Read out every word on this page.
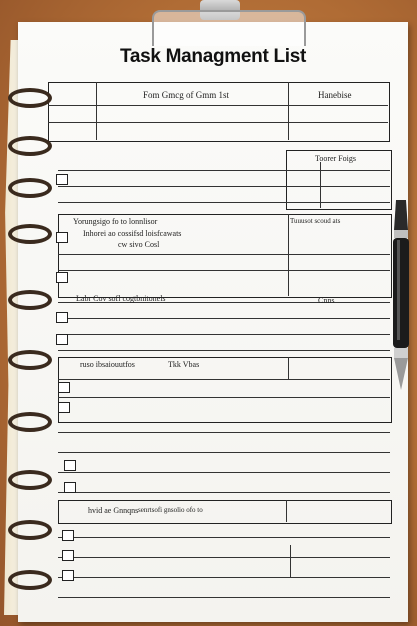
Task Managment List
Fom Gmcg of Gmm 1st	Hanebise
Toorer Foigs
Yorungsigo fo to lonnlisor	Tuuusot scoud ats
Inhorei ao cossifsd loisfcawats
cw sivo Cosl
Labr Cov sofl cogtbnitonels	Cnns
ruso ibsaiouutfos	Tkk Vbas
hvid ae Gnnqns senrtsofi gnsolio ofo to
